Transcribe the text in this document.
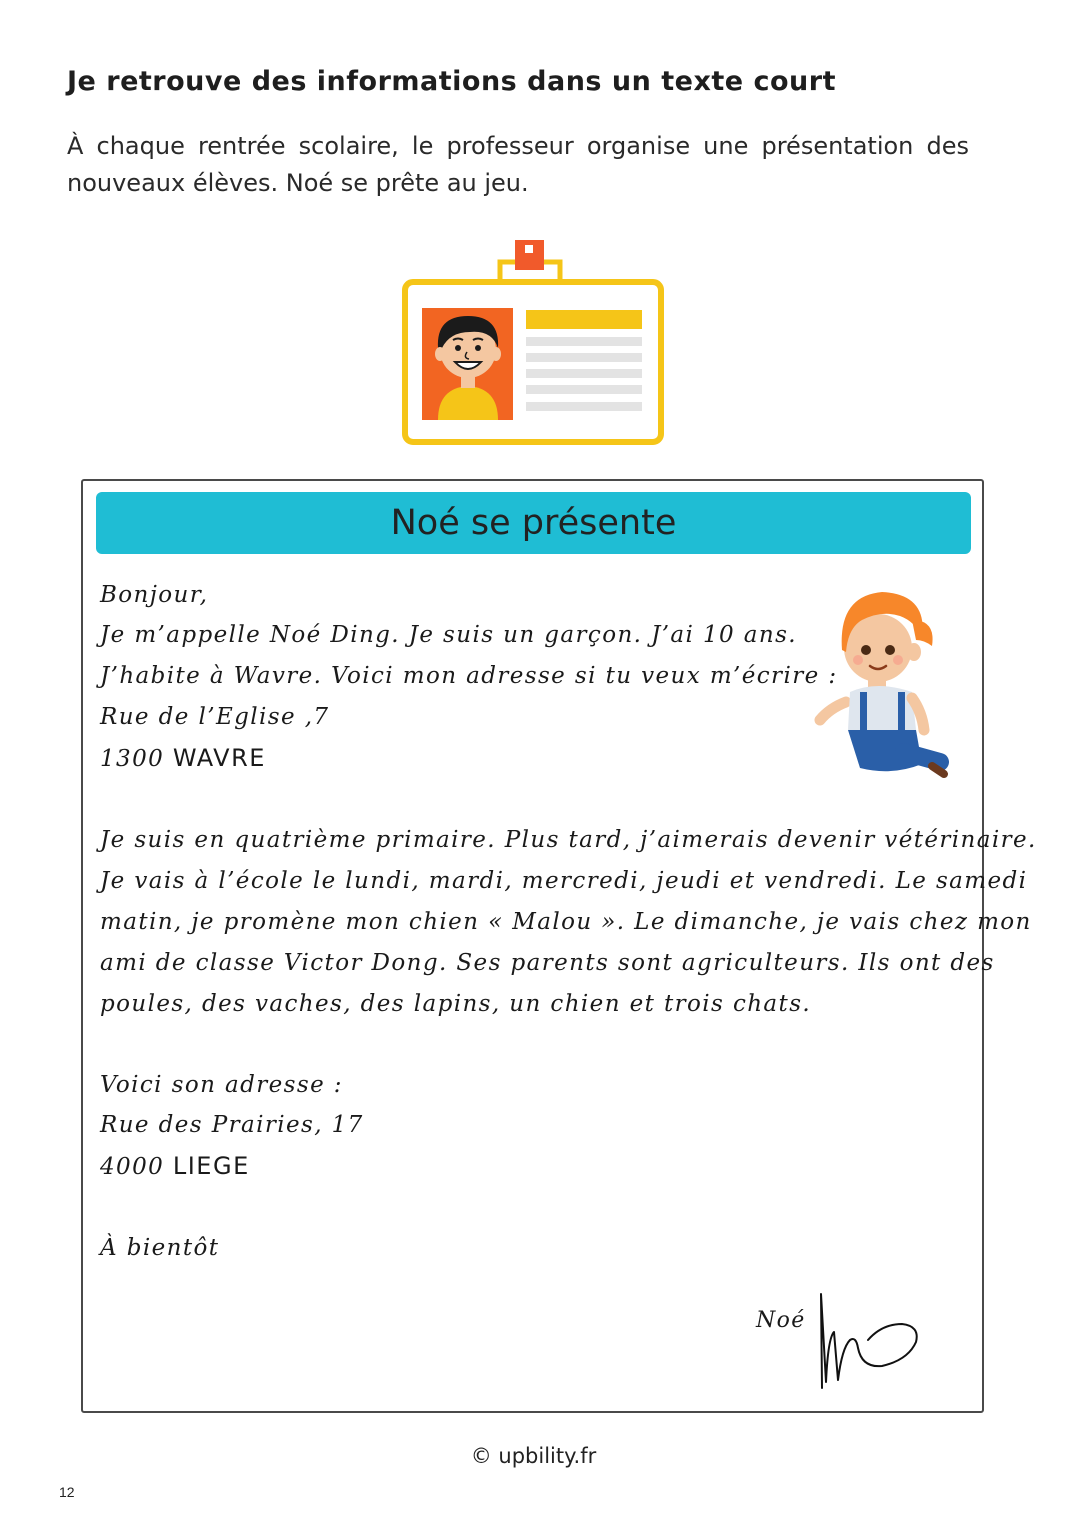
Je retrouve des informations dans un texte court

À chaque rentrée scolaire, le professeur organise une présentation des nouveaux élèves. Noé se prête au jeu.

Noé se présente

Bonjour,

Je m’appelle Noé Ding. Je suis un garçon. J’ai 10 ans.

J’habite à Wavre. Voici mon adresse si tu veux m’écrire :

Rue de l’Eglise ,7

1300 WAVRE

Je suis en quatrième primaire. Plus tard, j’aimerais devenir vétérinaire.

Je vais à l’école le lundi, mardi, mercredi, jeudi et vendredi. Le samedi

matin, je promène mon chien « Malou ». Le dimanche, je vais chez mon

ami de classe Victor Dong. Ses parents sont agriculteurs. Ils ont des

poules, des vaches, des lapins, un chien et trois chats.

Voici son adresse :

Rue des Prairies, 17

4000 LIEGE

À bientôt

Noé

© upbility.fr
12
